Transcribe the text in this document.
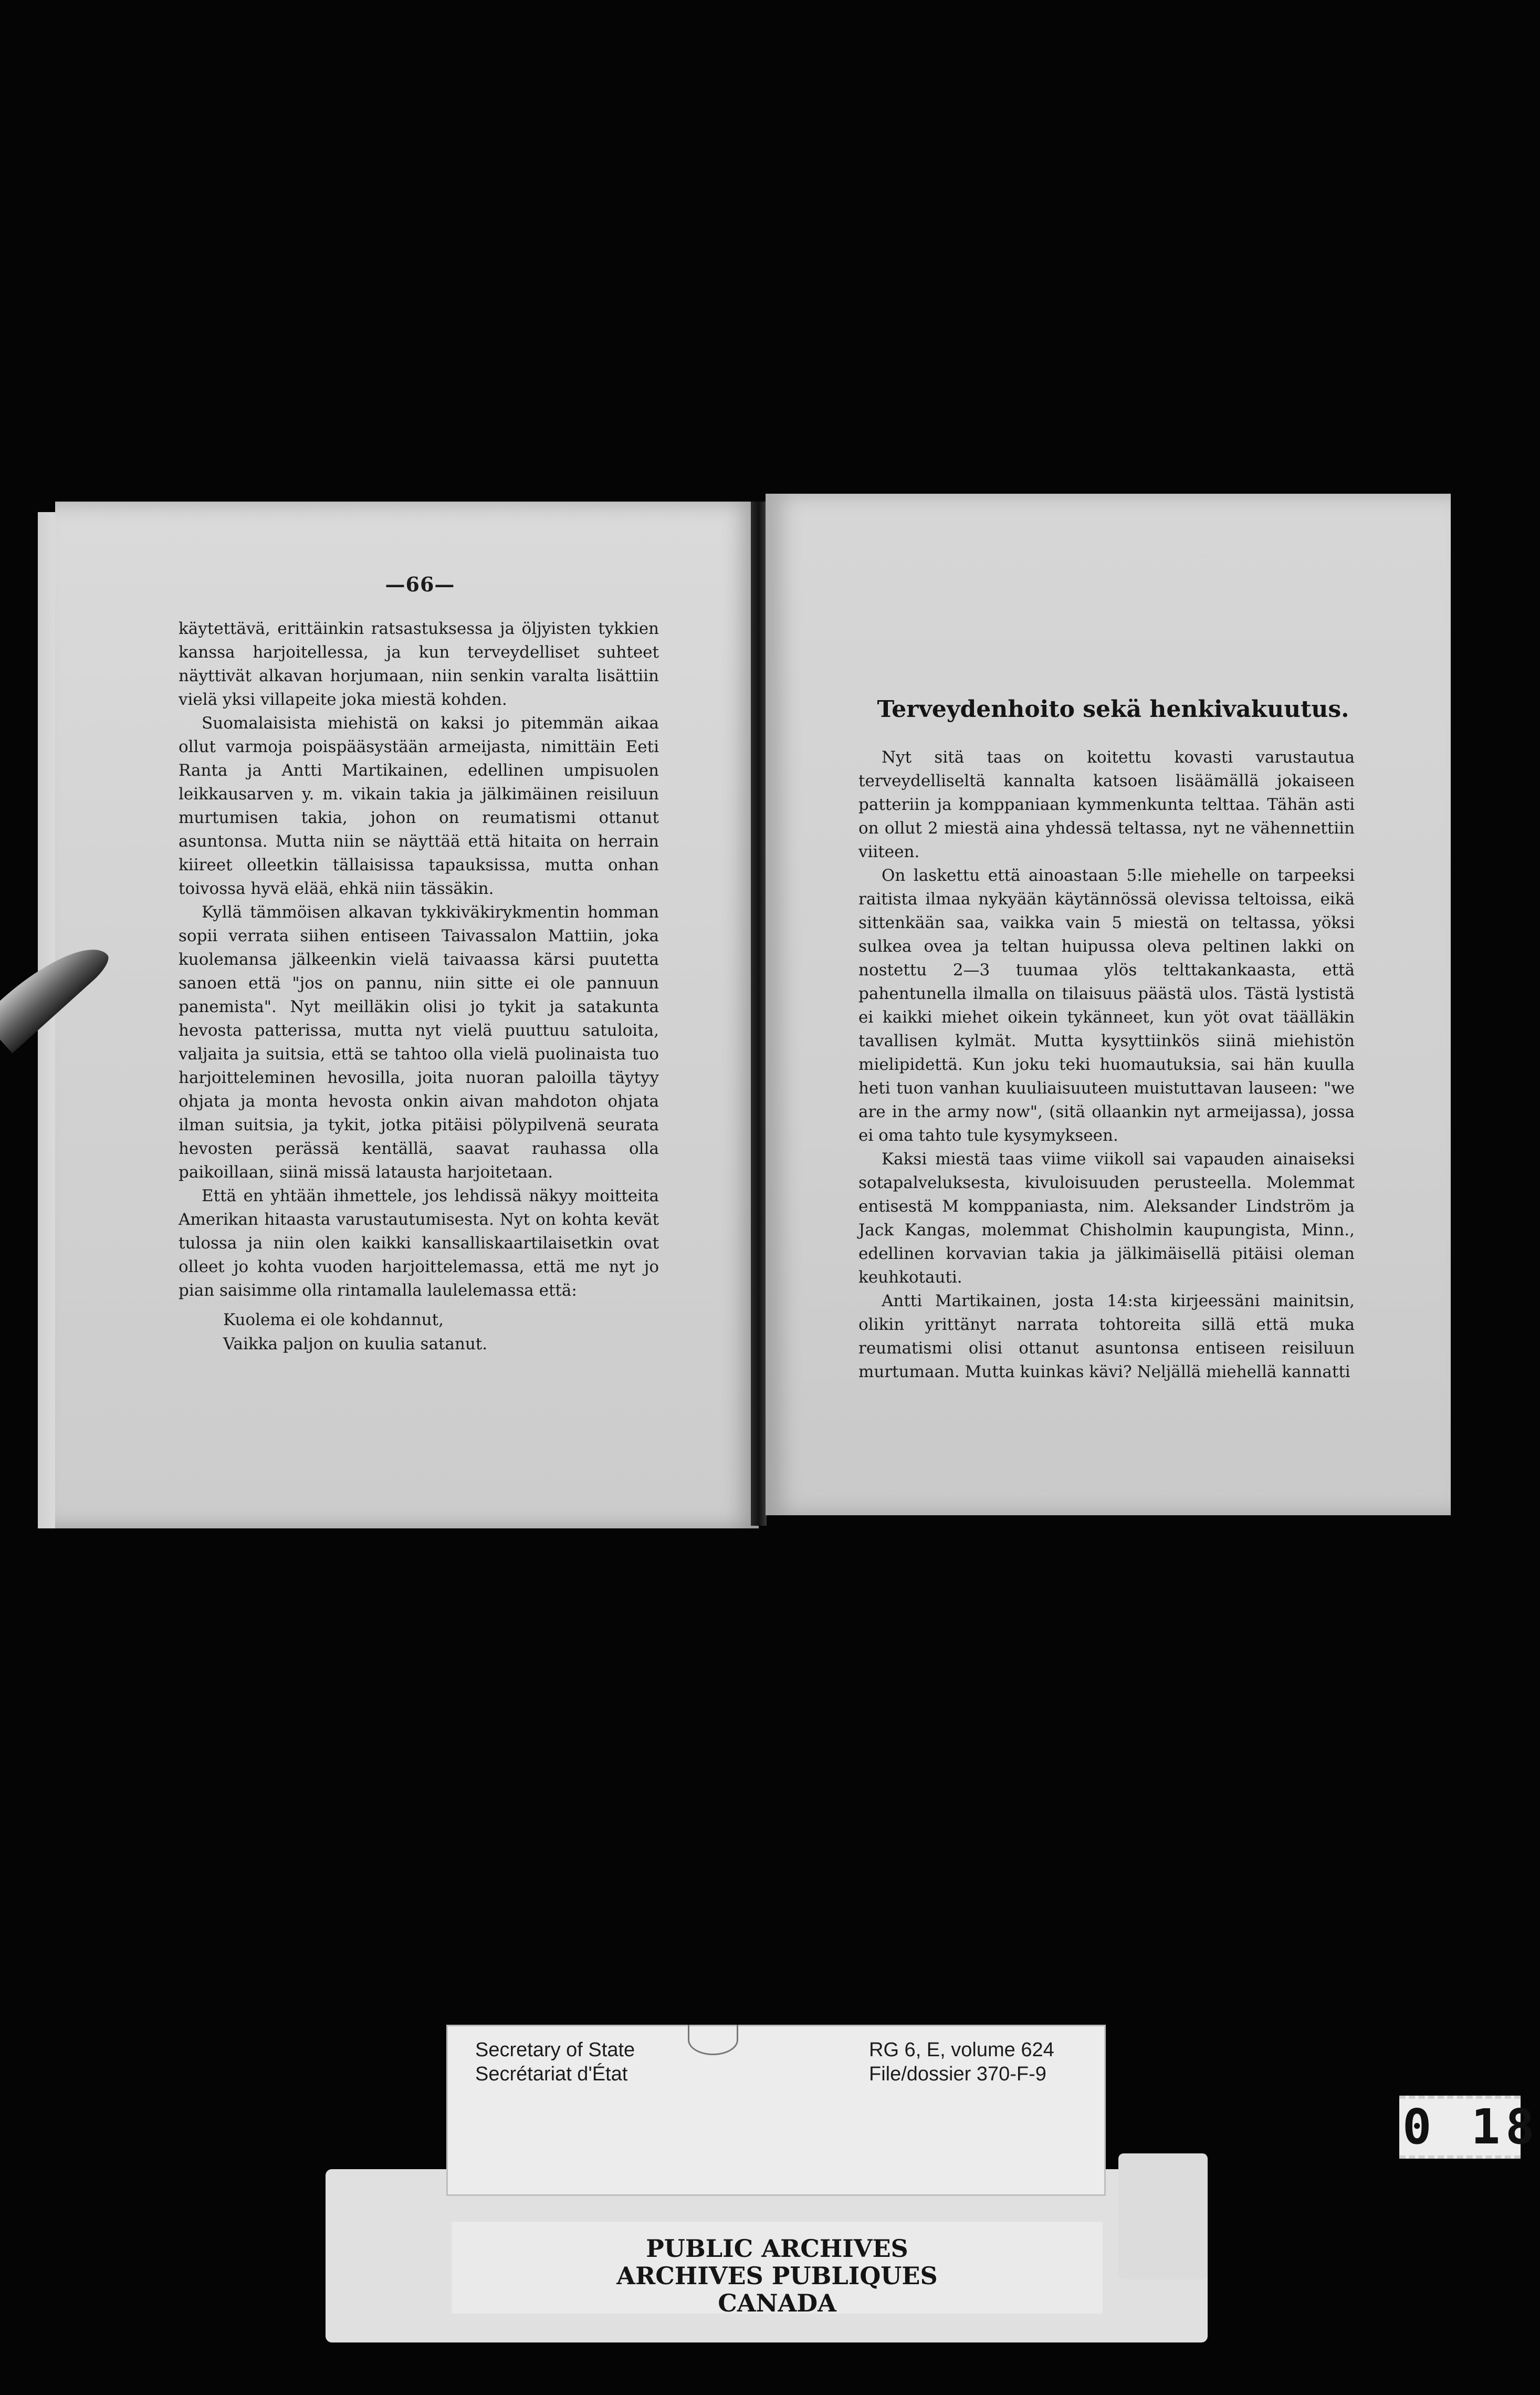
—66—

käytettävä, erittäinkin ratsastuksessa ja öljyisten tykkien kanssa harjoitellessa, ja kun terveydelliset suhteet näyttivät alkavan horjumaan, niin senkin varalta lisättiin vielä yksi villapeite joka miestä kohden.

Suomalaisista miehistä on kaksi jo pitemmän aikaa ollut varmoja poispääsystään armeijasta, nimittäin Eeti Ranta ja Antti Martikainen, edellinen umpisuolen leikkausarven y. m. vikain takia ja jälkimäinen reisiluun murtumisen takia, johon on reumatismi ottanut asuntonsa. Mutta niin se näyttää että hitaita on herrain kiireet olleetkin tällaisissa tapauksissa, mutta onhan toivossa hyvä elää, ehkä niin tässäkin.

Kyllä tämmöisen alkavan tykkiväkirykmentin homman sopii verrata siihen entiseen Taivassalon Mattiin, joka kuolemansa jälkeenkin vielä taivaassa kärsi puutetta sanoen että "jos on pannu, niin sitte ei ole pannuun panemista". Nyt meilläkin olisi jo tykit ja satakunta hevosta patterissa, mutta nyt vielä puuttuu satuloita, valjaita ja suitsia, että se tahtoo olla vielä puolinaista tuo harjoitteleminen hevosilla, joita nuoran paloilla täytyy ohjata ja monta hevosta onkin aivan mahdoton ohjata ilman suitsia, ja tykit, jotka pitäisi pölypilvenä seurata hevosten perässä kentällä, saavat rauhassa olla paikoillaan, siinä missä latausta harjoitetaan.

Että en yhtään ihmettele, jos lehdissä näkyy moitteita Amerikan hitaasta varustautumisesta. Nyt on kohta kevät tulossa ja niin olen kaikki kansalliskaartilaisetkin ovat olleet jo kohta vuoden harjoittelemassa, että me nyt jo pian saisimme olla rintamalla laulelemassa että:

Kuolema ei ole kohdannut,
Vaikka paljon on kuulia satanut.
Terveydenhoito sekä henkivakuutus.

Nyt sitä taas on koitettu kovasti varustautua terveydelliseltä kannalta katsoen lisäämällä jokaiseen patteriin ja komppaniaan kymmenkunta telttaa. Tähän asti on ollut 2 miestä aina yhdessä teltassa, nyt ne vähennettiin viiteen.

On laskettu että ainoastaan 5:lle miehelle on tarpeeksi raitista ilmaa nykyään käytännössä olevissa teltoissa, eikä sittenkään saa, vaikka vain 5 miestä on teltassa, yöksi sulkea ovea ja teltan huipussa oleva peltinen lakki on nostettu 2—3 tuumaa ylös telttakankaasta, että pahentunella ilmalla on tilaisuus päästä ulos. Tästä lystistä ei kaikki miehet oikein tykänneet, kun yöt ovat täälläkin tavallisen kylmät. Mutta kysyttiinkös siinä miehistön mielipidettä. Kun joku teki huomautuksia, sai hän kuulla heti tuon vanhan kuuliaisuuteen muistuttavan lauseen: "we are in the army now", (sitä ollaankin nyt armeijassa), jossa ei oma tahto tule kysymykseen.

Kaksi miestä taas viime viikoll sai vapauden ainaiseksi sotapalveluksesta, kivuloisuuden perusteella. Molemmat entisestä M komppaniasta, nim. Aleksander Lindström ja Jack Kangas, molemmat Chisholmin kaupungista, Minn., edellinen korvavian takia ja jälkimäisellä pitäisi oleman keuhkotauti.

Antti Martikainen, josta 14:sta kirjeessäni mainitsin, olikin yrittänyt narrata tohtoreita sillä että muka reumatismi olisi ottanut asuntonsa entiseen reisiluun murtumaan. Mutta kuinkas kävi? Neljällä miehellä kannatti

PUBLIC ARCHIVES
ARCHIVES PUBLIQUES
CANADA
Secretary of State
Secrétariat d'État
RG 6, E, volume 624
File/dossier 370-F-9
0 18
